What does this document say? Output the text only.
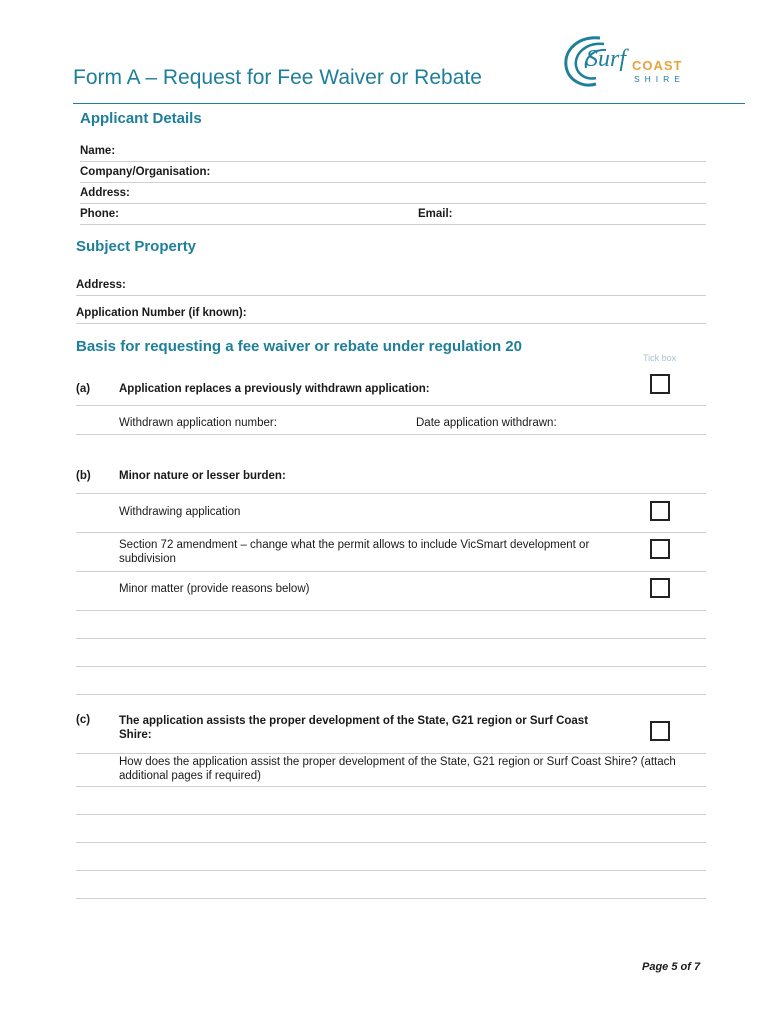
Surf COAST
SHIRE
Form A – Request for Fee Waiver or Rebate
Applicant Details
Name:
Company/Organisation:
Address:
Phone:	Email:
Subject Property
Address:
Application Number (if known):
Basis for requesting a fee waiver or rebate under regulation 20
Tick box
(a)	Application replaces a previously withdrawn application:
Withdrawn application number:	Date application withdrawn:
(b) Minor nature or lesser burden:
Withdrawing application
Section 72 amendment – change what the permit allows to include VicSmart development or subdivision
Minor matter (provide reasons below)
(c)	The application assists the proper development of the State, G21 region or Surf Coast Shire:
How does the application assist the proper development of the State, G21 region or Surf Coast Shire? (attach additional pages if required)
Page 5 of 7
